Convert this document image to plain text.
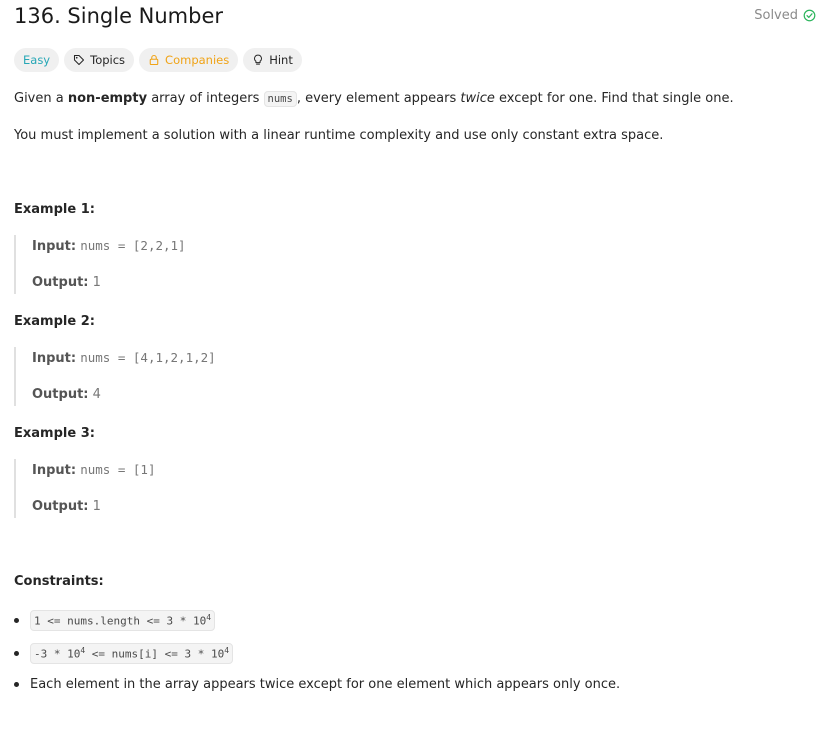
136. Single Number	Solved
Easy	Topics	Companies	Hint

Given a non-empty array of integers nums , every element appears twice except for one. Find that single one.

You must implement a solution with a linear runtime complexity and use only constant extra space.

Example 1:
Input: nums = [2,2,1]
Output: 1
Example 2:
Input: nums = [4,1,2,1,2]
Output: 4
Example 3:
Input: nums = [1]
Output: 1
Constraints:
1 <= nums.length <= $3 * 10^4$
$-3 * 10^4$ <= nums[i] <= $3 * 10^4$
Each element in the array appears twice except for one element which appears only once.
